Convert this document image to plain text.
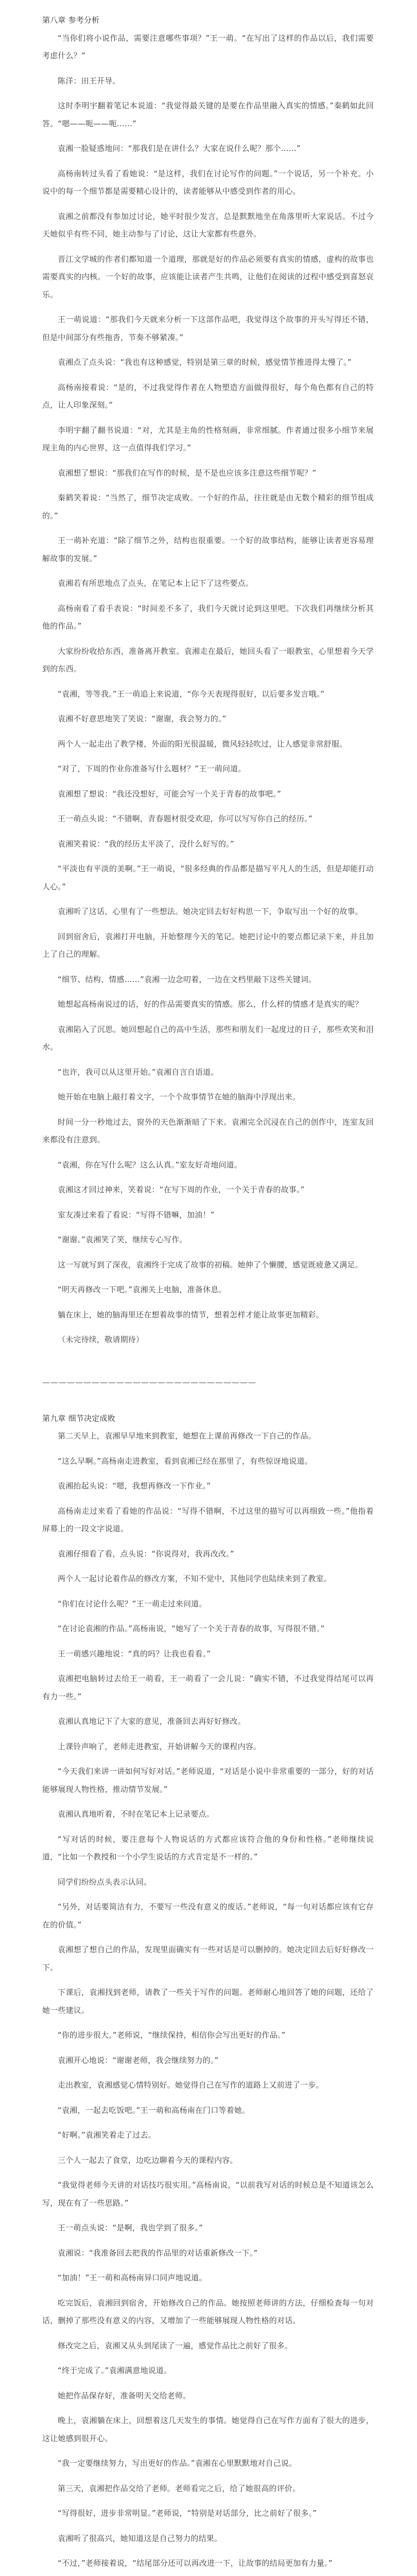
第八章 参考分析

“当你们将小说作品，需要注意哪些事项？”王一萌。“在写出了这样的作品以后，我们需要考虑什么？”

陈洋：田王开导。

这时李明宇翻着笔记本说道：“我觉得最关键的是要在作品里融入真实的情感。”秦鹤如此回答。“嗯——呃——呃……”

袁湘一脸疑惑地问：“那我们是在讲什么？大家在说什么呢？那个……”

高杨南转过头看了看她说：“是这样，我们在讨论写作的问题。”一个说话，另一个补充。小说中的每一个细节都是需要精心设计的，读者能够从中感受到作者的用心。

袁湘之前都没有参加过讨论，她平时很少发言，总是默默地坐在角落里听大家说话。不过今天她似乎有些不同，她主动参与了讨论，这让大家都有些意外。

晋江文学城的作者们都知道一个道理，那就是好的作品必须要有真实的情感，虚构的故事也需要真实的内核。一个好的故事，应该能让读者产生共鸣，让他们在阅读的过程中感受到喜怒哀乐。

王一萌说道：“那我们今天就来分析一下这部作品吧，我觉得这个故事的开头写得还不错，但是中间部分有些拖沓，节奏不够紧凑。”

袁湘点了点头说：“我也有这种感觉，特别是第三章的时候，感觉情节推进得太慢了。”

高杨南接着说：“是的，不过我觉得作者在人物塑造方面做得很好，每个角色都有自己的特点，让人印象深刻。”

李明宇翻了翻书说道：“对，尤其是主角的性格刻画，非常细腻。作者通过很多小细节来展现主角的内心世界，这一点值得我们学习。”

袁湘想了想说：“那我们在写作的时候，是不是也应该多注意这些细节呢？”

秦鹤笑着说：“当然了，细节决定成败。一个好的作品，往往就是由无数个精彩的细节组成的。”

王一萌补充道：“除了细节之外，结构也很重要。一个好的故事结构，能够让读者更容易理解故事的发展。”

袁湘若有所思地点了点头，在笔记本上记下了这些要点。

高杨南看了看手表说：“时间差不多了，我们今天就讨论到这里吧。下次我们再继续分析其他的作品。”

大家纷纷收拾东西，准备离开教室。袁湘走在最后，她回头看了一眼教室，心里想着今天学到的东西。

“袁湘，等等我。”王一萌追上来说道，“你今天表现得很好，以后要多发言哦。”

袁湘不好意思地笑了笑说：“谢谢，我会努力的。”

两个人一起走出了教学楼，外面的阳光很温暖，微风轻轻吹过，让人感觉非常舒服。

“对了，下周的作业你准备写什么题材？”王一萌问道。

袁湘想了想说：“我还没想好，可能会写一个关于青春的故事吧。”

王一萌点头说：“不错啊，青春题材很受欢迎，你可以写写你自己的经历。”

袁湘笑着说：“我的经历太平淡了，没什么好写的。”

“平淡也有平淡的美啊。”王一萌说，“很多经典的作品都是描写平凡人的生活，但是却能打动人心。”

袁湘听了这话，心里有了一些想法。她决定回去好好构思一下，争取写出一个好的故事。

回到宿舍后，袁湘打开电脑，开始整理今天的笔记。她把讨论中的要点都记录下来，并且加上了自己的理解。

“细节、结构、情感……”袁湘一边念叨着，一边在文档里敲下这些关键词。

她想起高杨南说过的话，好的作品需要真实的情感。那么，什么样的情感才是真实的呢？

袁湘陷入了沉思。她回想起自己的高中生活，那些和朋友们一起度过的日子，那些欢笑和泪水。

“也许，我可以从这里开始。”袁湘自言自语道。

她开始在电脑上敲打着文字，一个个故事情节在她的脑海中浮现出来。

时间一分一秒地过去，窗外的天色渐渐暗了下来。袁湘完全沉浸在自己的创作中，连室友回来都没有注意到。

“袁湘，你在写什么呢？这么认真。”室友好奇地问道。

袁湘这才回过神来，笑着说：“在写下周的作业，一个关于青春的故事。”

室友凑过来看了看说：“写得不错嘛，加油！”

“谢谢。”袁湘笑了笑，继续专心写作。

这一写就写到了深夜，袁湘终于完成了故事的初稿。她伸了个懒腰，感觉既疲惫又满足。

“明天再修改一下吧。”袁湘关上电脑，准备休息。

躺在床上，她的脑海里还在想着故事的情节，想着怎样才能让故事更加精彩。

（未完待续，敬请期待）

——————————————————————————

第九章 细节决定成败

第二天早上，袁湘早早地来到教室，她想在上课前再修改一下自己的作品。

“这么早啊。”高杨南走进教室，看到袁湘已经在那里了，有些惊讶地说道。

袁湘抬起头说：“嗯，我想再修改一下作业。”

高杨南走过来看了看她的作品说：“写得不错啊，不过这里的描写可以再细致一些。”他指着屏幕上的一段文字说道。

袁湘仔细看了看，点头说：“你说得对，我再改改。”

两个人一起讨论着作品的修改方案，不知不觉中，其他同学也陆续来到了教室。

“你们在讨论什么呢？”王一萌走过来问道。

“在讨论袁湘的作品。”高杨南说，“她写了一个关于青春的故事，写得很不错。”

王一萌感兴趣地说：“真的吗？让我也看看。”

袁湘把电脑转过去给王一萌看，王一萌看了一会儿说：“确实不错，不过我觉得结尾可以再有力一些。”

袁湘认真地记下了大家的意见，准备回去再好好修改。

上课铃声响了，老师走进教室，开始讲解今天的课程内容。

“今天我们来讲一讲如何写好对话。”老师说道，“对话是小说中非常重要的一部分，好的对话能够展现人物性格，推动情节发展。”

袁湘认真地听着，不时在笔记本上记录要点。

“写对话的时候，要注意每个人物说话的方式都应该符合他的身份和性格。”老师继续说道，“比如一个教授和一个小学生说话的方式肯定是不一样的。”

同学们纷纷点头表示认同。

“另外，对话要简洁有力，不要写一些没有意义的废话。”老师说，“每一句对话都应该有它存在的价值。”

袁湘想了想自己的作品，发现里面确实有一些对话是可以删掉的。她决定回去后好好修改一下。

下课后，袁湘找到老师，请教了一些关于写作的问题。老师耐心地回答了她的问题，还给了她一些建议。

“你的进步很大。”老师说，“继续保持，相信你会写出更好的作品。”

袁湘开心地说：“谢谢老师，我会继续努力的。”

走出教室，袁湘感觉心情特别好。她觉得自己在写作的道路上又前进了一步。

“袁湘，一起去吃饭吧。”王一萌和高杨南在门口等着她。

“好啊。”袁湘笑着走了过去。

三个人一起去了食堂，边吃边聊着今天的课程内容。

“我觉得老师今天讲的对话技巧很实用。”高杨南说，“以前我写对话的时候总是不知道该怎么写，现在有了一些思路。”

王一萌点头说：“是啊，我也学到了很多。”

袁湘说：“我准备回去把我的作品里的对话重新修改一下。”

“加油！”王一萌和高杨南异口同声地说道。

吃完饭后，袁湘回到宿舍，开始修改自己的作品。她按照老师讲的方法，仔细检查每一句对话，删掉了那些没有意义的内容，又增加了一些能够展现人物性格的对话。

修改完之后，袁湘又从头到尾读了一遍，感觉作品比之前好了很多。

“终于完成了。”袁湘满意地说道。

她把作品保存好，准备明天交给老师。

晚上，袁湘躺在床上，回想着这几天发生的事情。她觉得自己在写作方面有了很大的进步，这让她感到很开心。

“我一定要继续努力，写出更好的作品。”袁湘在心里默默地对自己说。

第三天，袁湘把作品交给了老师。老师看完之后，给了她很高的评价。

“写得很好，进步非常明显。”老师说，“特别是对话部分，比之前好了很多。”

袁湘听了很高兴，她知道这是自己努力的结果。

“不过，”老师接着说，“结尾部分还可以再改进一下，让故事的结局更加有力量。”
